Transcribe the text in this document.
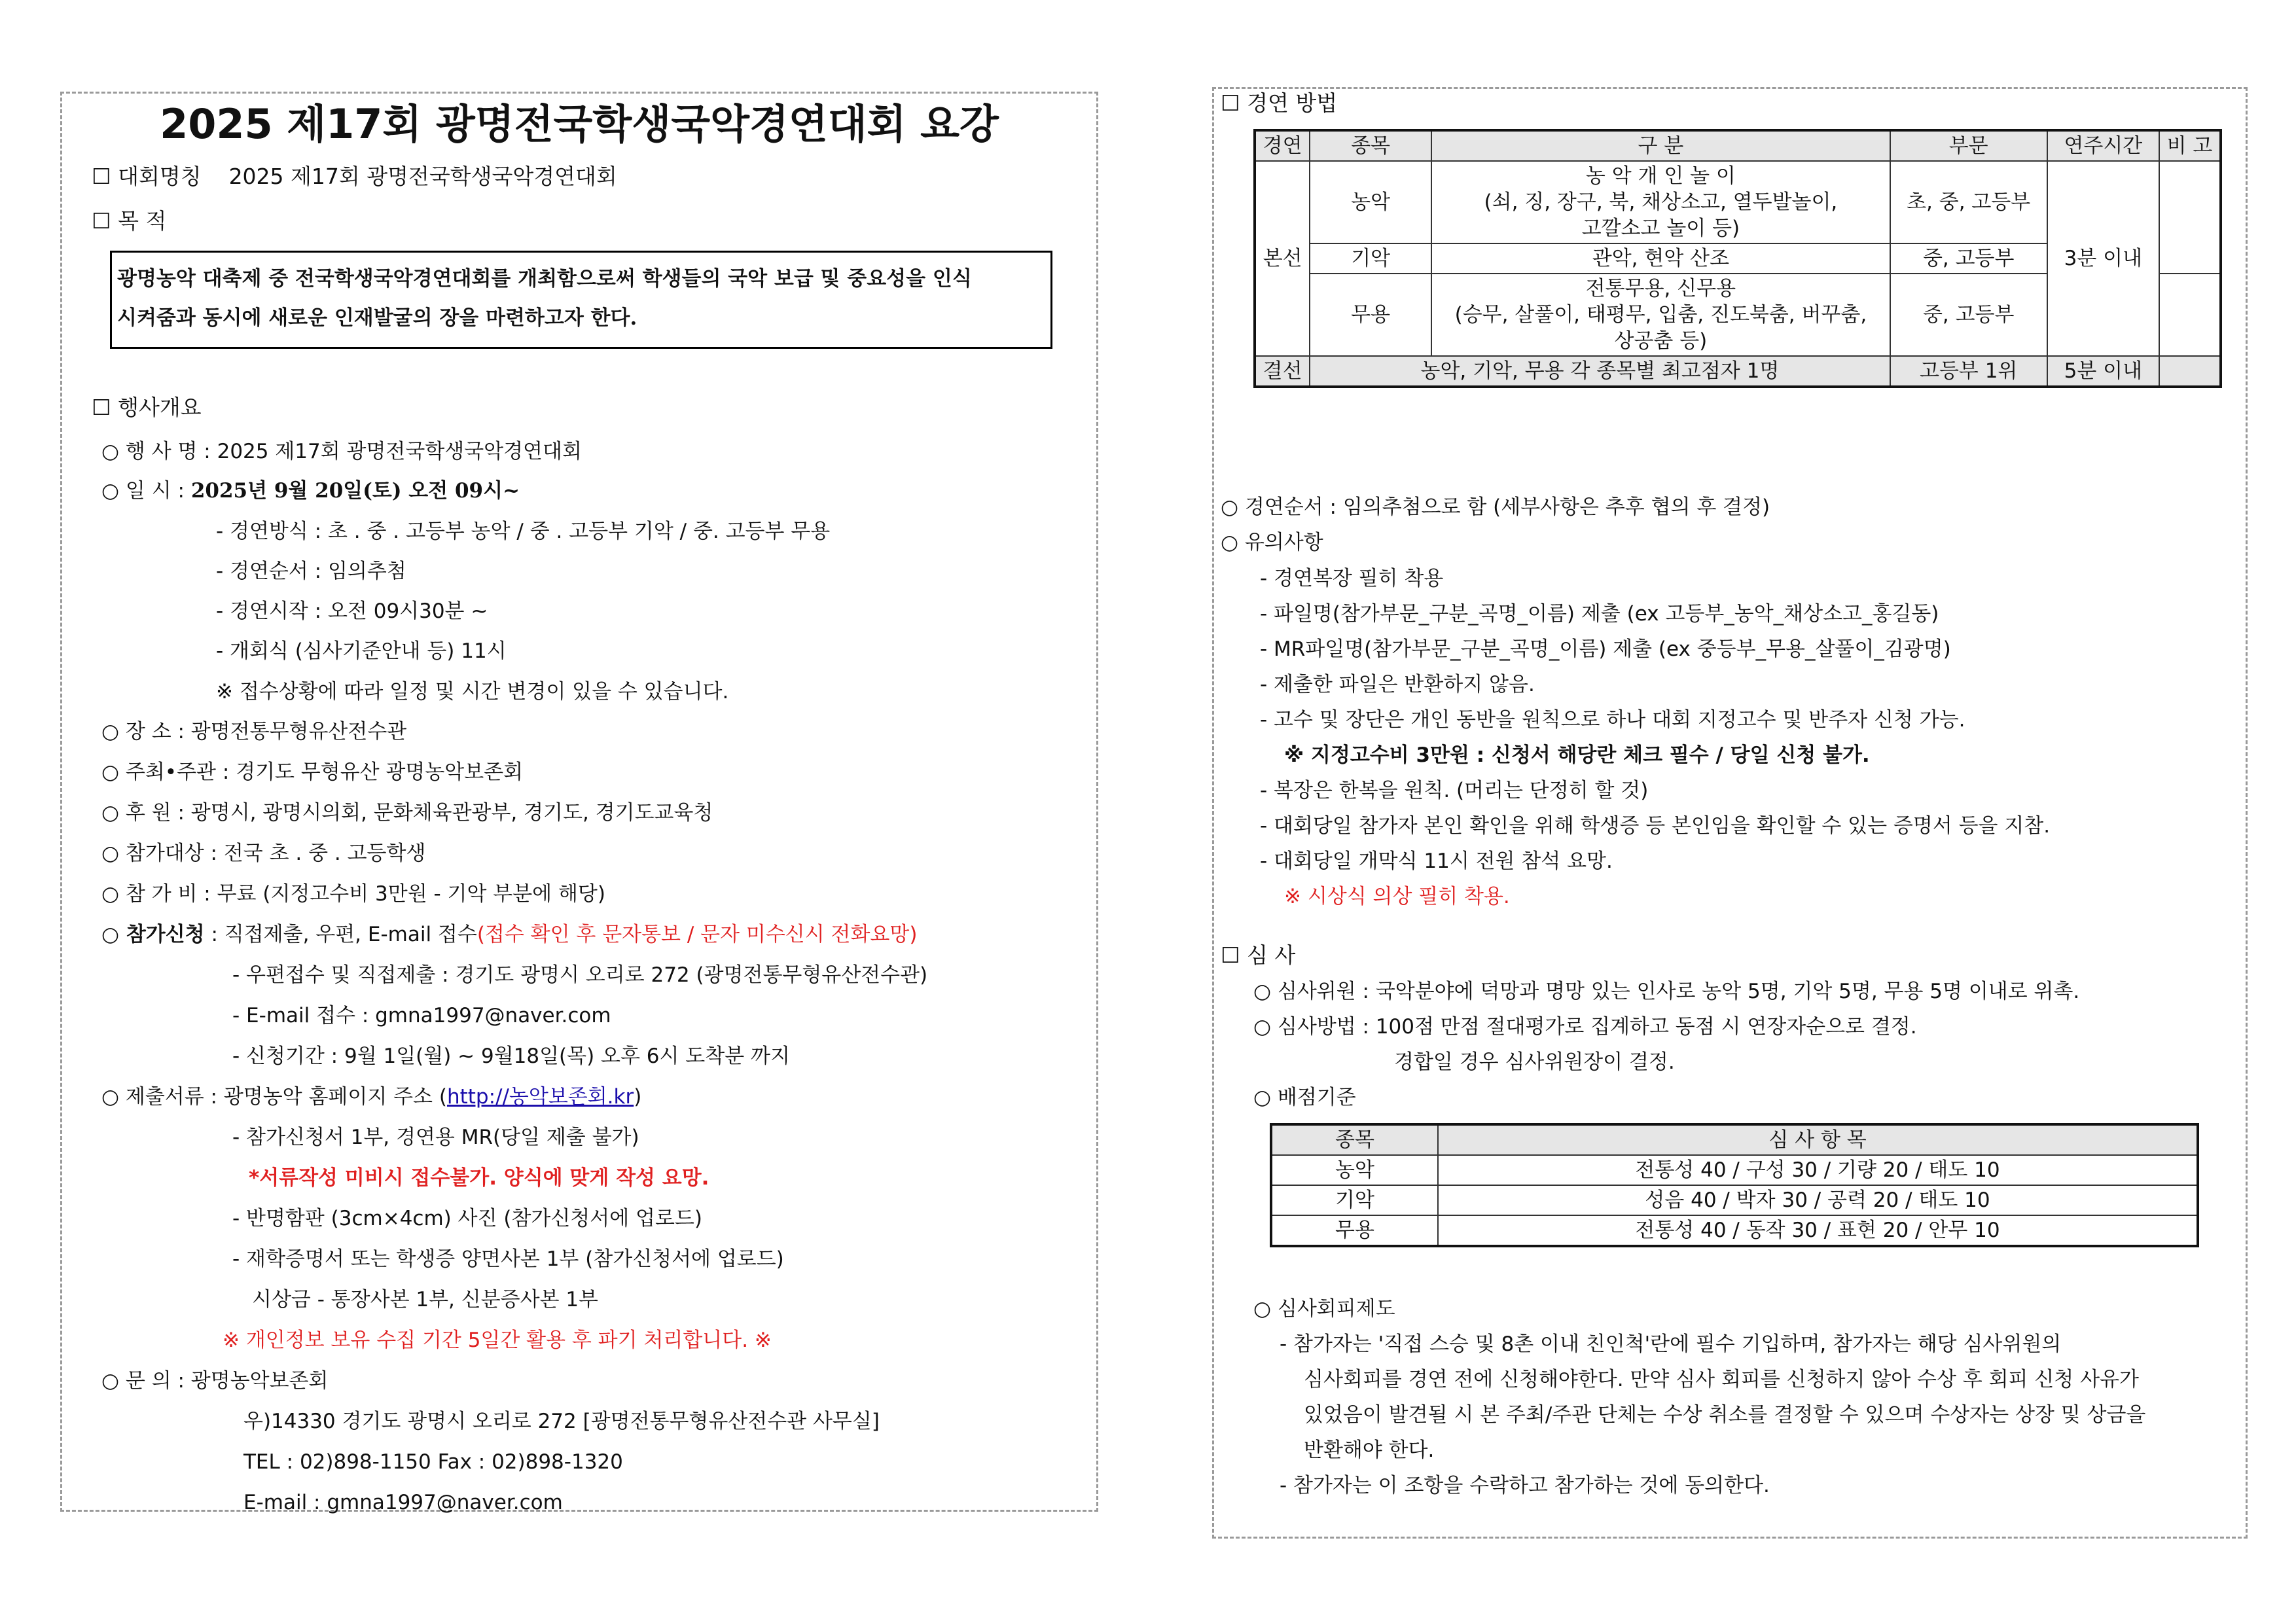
2025 제17회 광명전국학생국악경연대회 요강
☐ 대회명칭 2025 제17회 광명전국학생국악경연대회
☐ 목 적
광명농악 대축제 중 전국학생국악경연대회를 개최함으로써 학생들의 국악 보급 및 중요성을 인식
시켜줌과 동시에 새로운 인재발굴의 장을 마련하고자 한다.
☐ 행사개요
○ 행 사 명 : 2025 제17회 광명전국학생국악경연대회
○ 일 시 : 2025년 9월 20일(토) 오전 09시~
- 경연방식 : 초 . 중 . 고등부 농악 / 중 . 고등부 기악 / 중. 고등부 무용
- 경연순서 : 임의추첨
- 경연시작 : 오전 09시30분 ~
- 개회식 (심사기준안내 등) 11시
※ 접수상황에 따라 일정 및 시간 변경이 있을 수 있습니다.
○ 장 소 : 광명전통무형유산전수관
○ 주최•주관 : 경기도 무형유산 광명농악보존회
○ 후 원 : 광명시, 광명시의회, 문화체육관광부, 경기도, 경기도교육청
○ 참가대상 : 전국 초 . 중 . 고등학생
○ 참 가 비 : 무료 (지정고수비 3만원 - 기악 부분에 해당)
○ 참가신청 : 직접제출, 우편, E-mail 접수(접수 확인 후 문자통보 / 문자 미수신시 전화요망)
- 우편접수 및 직접제출 : 경기도 광명시 오리로 272 (광명전통무형유산전수관)
- E-mail 접수 : gmna1997@naver.com
- 신청기간 : 9월 1일(월) ~ 9월18일(목) 오후 6시 도착분 까지
○ 제출서류 : 광명농악 홈페이지 주소 (http://농악보존회.kr)
- 참가신청서 1부, 경연용 MR(당일 제출 불가)
*서류작성 미비시 접수불가. 양식에 맞게 작성 요망.
- 반명함판 (3cm×4cm) 사진 (참가신청서에 업로드)
- 재학증명서 또는 학생증 양면사본 1부 (참가신청서에 업로드)
시상금 - 통장사본 1부, 신분증사본 1부
※ 개인정보 보유 수집 기간 5일간 활용 후 파기 처리합니다. ※
○ 문 의 : 광명농악보존회
우)14330 경기도 광명시 오리로 272 [광명전통무형유산전수관 사무실]
TEL : 02)898-1150 Fax : 02)898-1320
E-mail : gmna1997@naver.com
☐ 경연 방법
경연	종목	구 분	부문	연주시간	비 고
본선	농악	농 악 개 인 놀 이
(쇠, 징, 장구, 북, 채상소고, 열두발놀이,
고깔소고 놀이 등)	초, 중, 고등부	3분 이내	
	기악	관악, 현악 산조	중, 고등부		
	무용	전통무용, 신무용
(승무, 살풀이, 태평무, 입춤, 진도북춤, 버꾸춤,
상공춤 등)	중, 고등부		
결선	농악, 기악, 무용 각 종목별 최고점자 1명		고등부 1위	5분 이내	
○ 경연순서 : 임의추첨으로 함 (세부사항은 추후 협의 후 결정)
○ 유의사항
- 경연복장 필히 착용
- 파일명(참가부문_구분_곡명_이름) 제출 (ex 고등부_농악_채상소고_홍길동)
- MR파일명(참가부문_구분_곡명_이름) 제출 (ex 중등부_무용_살풀이_김광명)
- 제출한 파일은 반환하지 않음.
- 고수 및 장단은 개인 동반을 원칙으로 하나 대회 지정고수 및 반주자 신청 가능.
※ 지정고수비 3만원 : 신청서 해당란 체크 필수 / 당일 신청 불가.
- 복장은 한복을 원칙. (머리는 단정히 할 것)
- 대회당일 참가자 본인 확인을 위해 학생증 등 본인임을 확인할 수 있는 증명서 등을 지참.
- 대회당일 개막식 11시 전원 참석 요망.
※ 시상식 의상 필히 착용.
☐ 심 사
○ 심사위원 : 국악분야에 덕망과 명망 있는 인사로 농악 5명, 기악 5명, 무용 5명 이내로 위촉.
○ 심사방법 : 100점 만점 절대평가로 집계하고 동점 시 연장자순으로 결정.
경합일 경우 심사위원장이 결정.
○ 배점기준
종목	심 사 항 목
농악	전통성 40 / 구성 30 / 기량 20 / 태도 10
기악	성음 40 / 박자 30 / 공력 20 / 태도 10
무용	전통성 40 / 동작 30 / 표현 20 / 안무 10
○ 심사회피제도
- 참가자는 '직접 스승 및 8촌 이내 친인척'란에 필수 기입하며, 참가자는 해당 심사위원의
심사회피를 경연 전에 신청해야한다. 만약 심사 회피를 신청하지 않아 수상 후 회피 신청 사유가
있었음이 발견될 시 본 주최/주관 단체는 수상 취소를 결정할 수 있으며 수상자는 상장 및 상금을
반환해야 한다.
- 참가자는 이 조항을 수락하고 참가하는 것에 동의한다.
